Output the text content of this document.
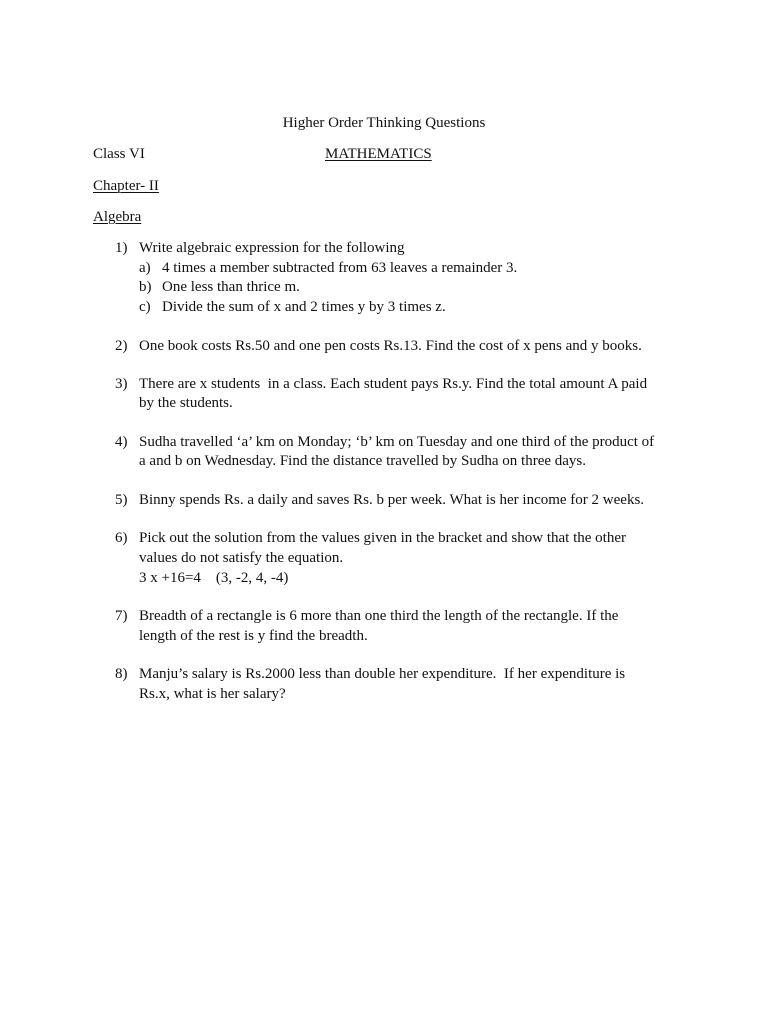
Higher Order Thinking Questions
Class VI	MATHEMATICS
Chapter- II
Algebra
1) Write algebraic expression for the following
a) 4 times a member subtracted from 63 leaves a remainder 3.
b) One less than thrice m.
c) Divide the sum of x and 2 times y by 3 times z.
2) One book costs Rs.50 and one pen costs Rs.13. Find the cost of x pens and y books.
3) There are x students  in a class. Each student pays Rs.y. Find the total amount A paid
by the students.
4) Sudha travelled ‘a’ km on Monday; ‘b’ km on Tuesday and one third of the product of
a and b on Wednesday. Find the distance travelled by Sudha on three days.
5) Binny spends Rs. a daily and saves Rs. b per week. What is her income for 2 weeks.
6) Pick out the solution from the values given in the bracket and show that the other
values do not satisfy the equation.
3 x +16=4    (3, -2, 4, -4)
7) Breadth of a rectangle is 6 more than one third the length of the rectangle. If the
length of the rest is y find the breadth.
8) Manju’s salary is Rs.2000 less than double her expenditure.  If her expenditure is
Rs.x, what is her salary?
